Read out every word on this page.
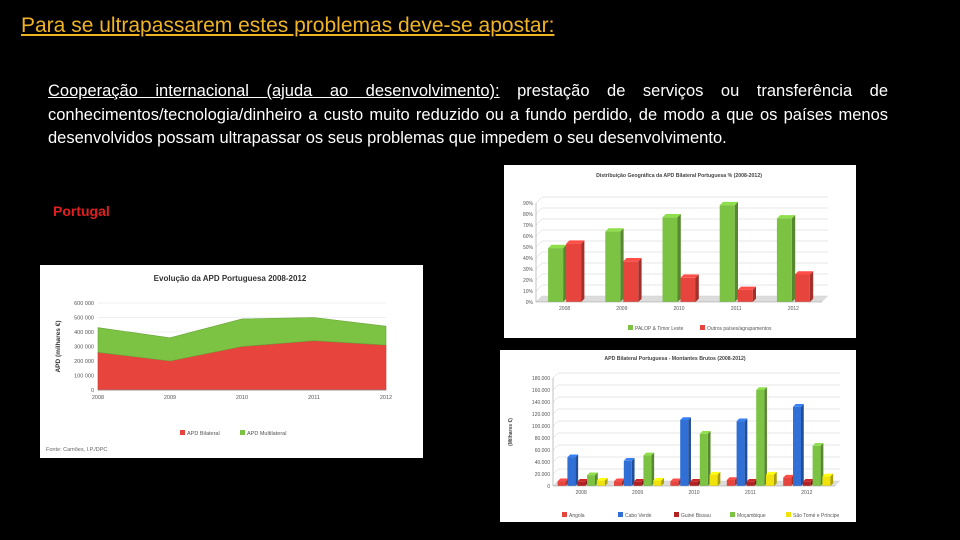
Para se ultrapassarem estes problemas deve-se apostar:
Cooperação internacional (ajuda ao desenvolvimento): prestação de serviços ou transferência de conhecimentos/tecnologia/dinheiro a custo muito reduzido ou a fundo perdido, de modo a que os países menos desenvolvidos possam ultrapassar os seus problemas que impedem o seu desenvolvimento.
Portugal
Evolução da APD Portuguesa 2008-2012
APD (milhares €)
0
100 000
200 000
300 000
400 000
500 000
600 000
2008	2009	2010	2011	2012
APD Bilateral	APD Multilateral
Fonte: Camões, I.P./DPC
Distribuição Geográfica da APD Bilateral Portuguesa % (2008-2012)
0%
10%
20%
30%
40%
50%
60%
70%
80%
90%
2008	2009	2010	2011	2012
PALOP & Timor Leste	Outros países/agrupamentos
APD Bilateral Portuguesa - Montantes Brutos (2008-2012)
(Milhares €)
0
20.000
40.000
60.000
80.000
100.000
120.000
140.000
160.000
180.000
2008	2009	2010	2011	2012
Angola	Cabo Verde	Guiné Bissau	Moçambique	São Tomé e Príncipe
